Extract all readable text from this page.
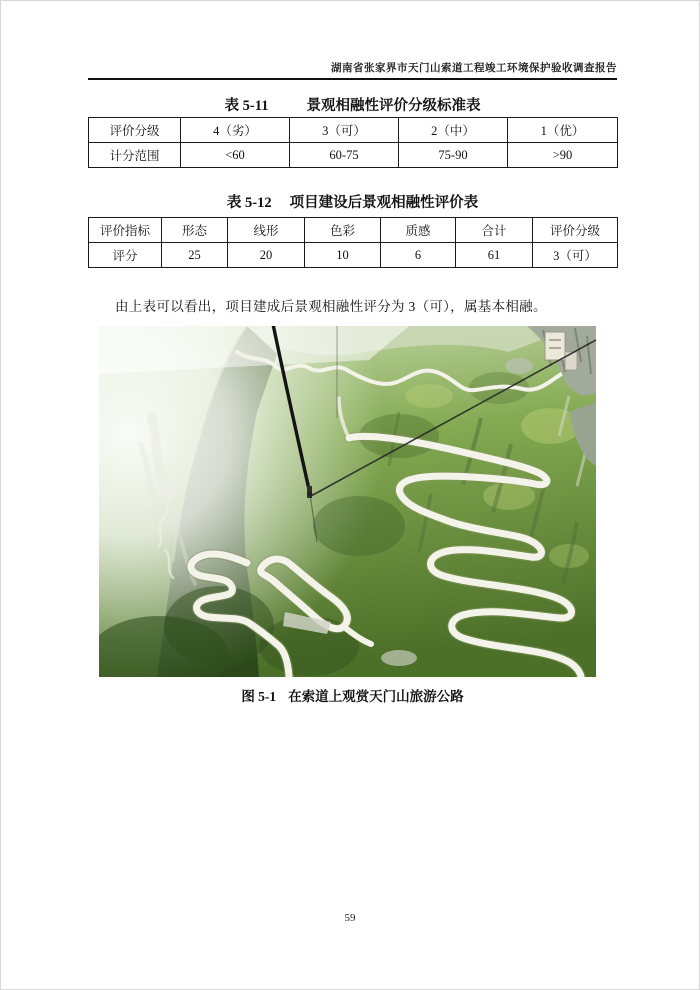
湖南省张家界市天门山索道工程竣工环境保护验收调查报告
表 5-11	景观相融性评价分级标准表
评价分级	4（劣）	3（可）	2（中）	1（优）
计分范围	<60	60-75	75-90	>90
表 5-12 项目建设后景观相融性评价表
评价指标	形态	线形	色彩	质感	合计	评价分级
评分	25	20	10	6	61	3（可）
由上表可以看出，项目建成后景观相融性评分为 3（可），属基本相融。
图 5-1 在索道上观赏天门山旅游公路
59
